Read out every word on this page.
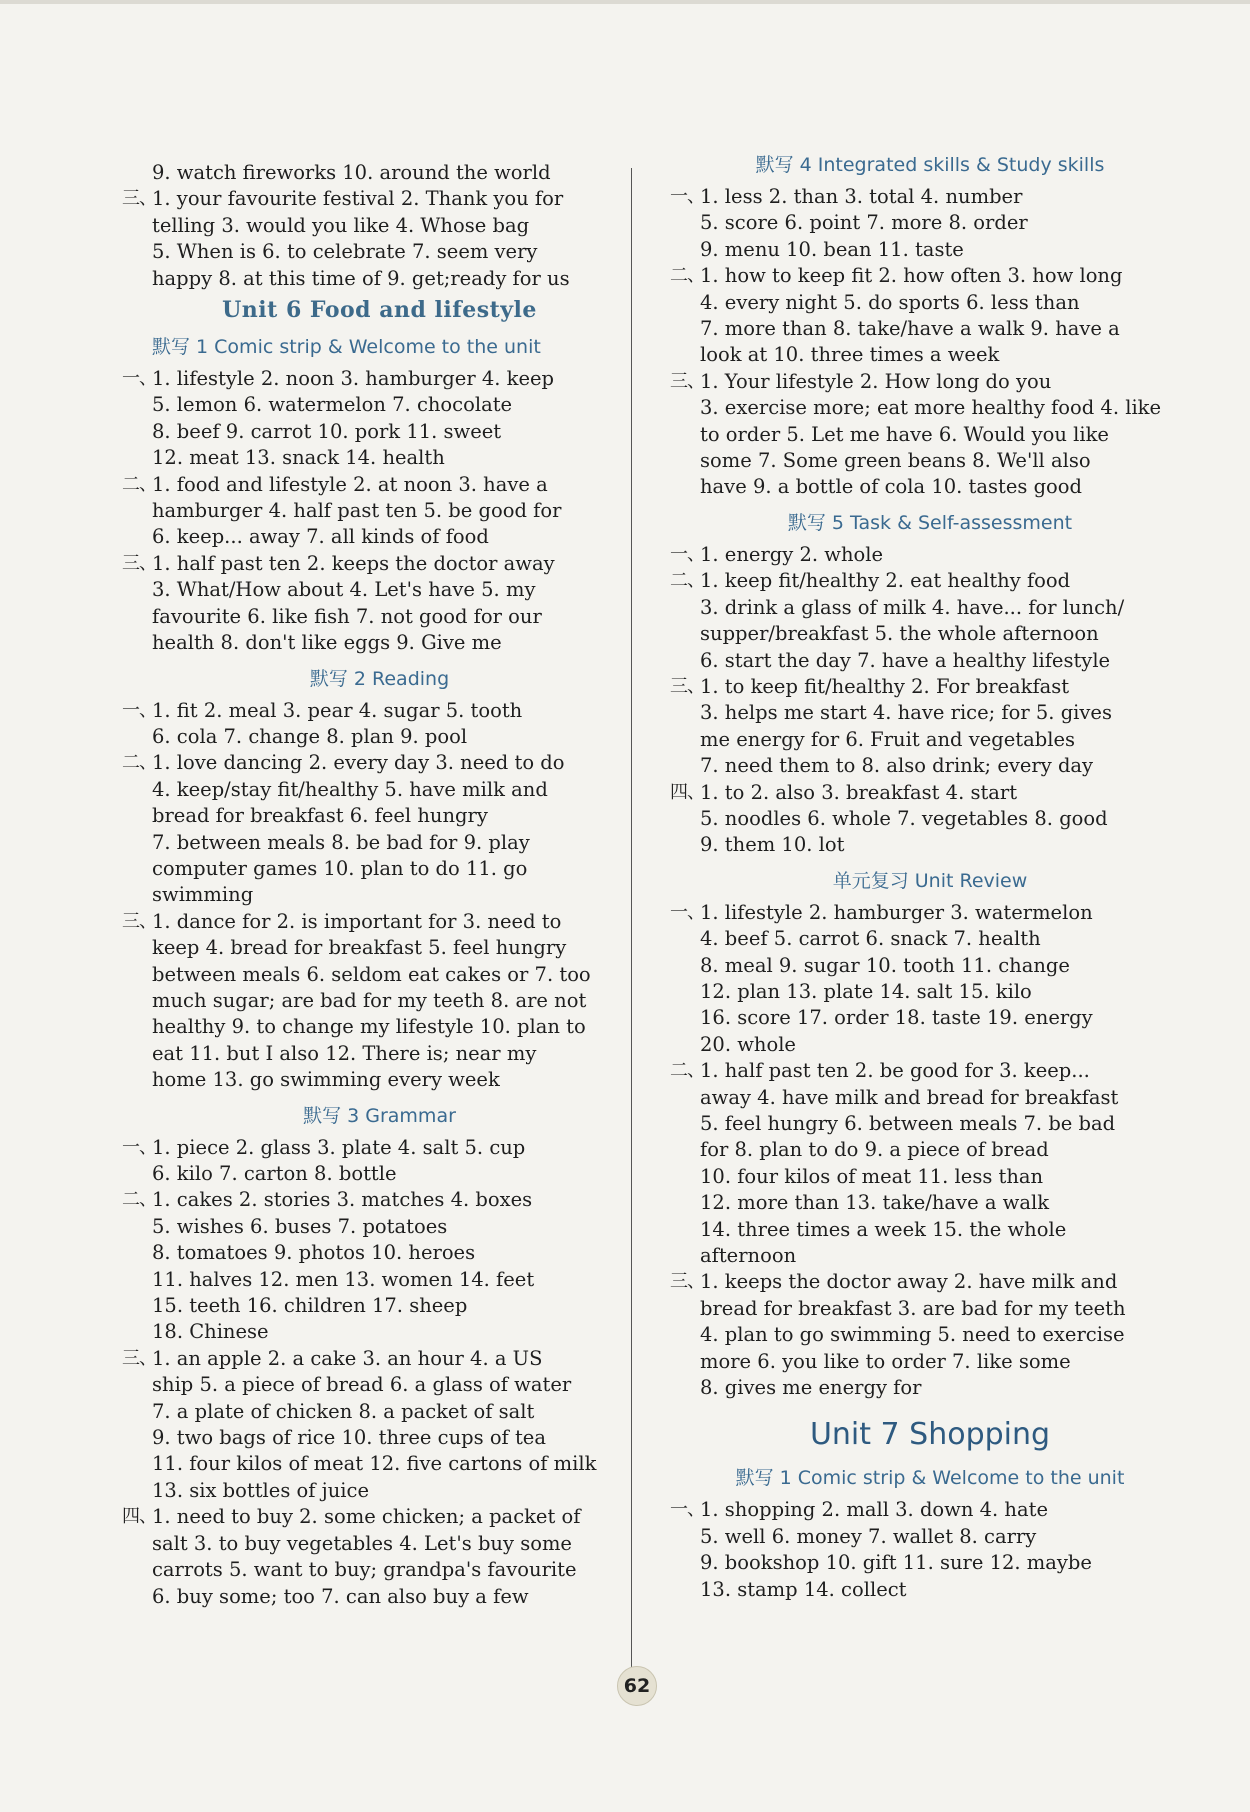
9. watch fireworks 10. around the world
三、
1. your favourite festival 2. Thank you for
telling 3. would you like 4. Whose bag
5. When is 6. to celebrate 7. seem very
happy 8. at this time of 9. get;ready for us
Unit 6 Food and lifestyle
默写 1 Comic strip & Welcome to the unit
一、
1. lifestyle 2. noon 3. hamburger 4. keep
5. lemon 6. watermelon 7. chocolate
8. beef 9. carrot 10. pork 11. sweet
12. meat 13. snack 14. health
二、
1. food and lifestyle 2. at noon 3. have a
hamburger 4. half past ten 5. be good for
6. keep... away 7. all kinds of food
三、
1. half past ten 2. keeps the doctor away
3. What/How about 4. Let's have 5. my
favourite 6. like fish 7. not good for our
health 8. don't like eggs 9. Give me
默写 2 Reading
一、
1. fit 2. meal 3. pear 4. sugar 5. tooth
6. cola 7. change 8. plan 9. pool
二、
1. love dancing 2. every day 3. need to do
4. keep/stay fit/healthy 5. have milk and
bread for breakfast 6. feel hungry
7. between meals 8. be bad for 9. play
computer games 10. plan to do 11. go
swimming
三、
1. dance for 2. is important for 3. need to
keep 4. bread for breakfast 5. feel hungry
between meals 6. seldom eat cakes or 7. too
much sugar; are bad for my teeth 8. are not
healthy 9. to change my lifestyle 10. plan to
eat 11. but I also 12. There is; near my
home 13. go swimming every week
默写 3 Grammar
一、
1. piece 2. glass 3. plate 4. salt 5. cup
6. kilo 7. carton 8. bottle
二、
1. cakes 2. stories 3. matches 4. boxes
5. wishes 6. buses 7. potatoes
8. tomatoes 9. photos 10. heroes
11. halves 12. men 13. women 14. feet
15. teeth 16. children 17. sheep
18. Chinese
三、
1. an apple 2. a cake 3. an hour 4. a US
ship 5. a piece of bread 6. a glass of water
7. a plate of chicken 8. a packet of salt
9. two bags of rice 10. three cups of tea
11. four kilos of meat 12. five cartons of milk
13. six bottles of juice
四、
1. need to buy 2. some chicken; a packet of
salt 3. to buy vegetables 4. Let's buy some
carrots 5. want to buy; grandpa's favourite
6. buy some; too 7. can also buy a few
默写 4 Integrated skills & Study skills
一、
1. less 2. than 3. total 4. number
5. score 6. point 7. more 8. order
9. menu 10. bean 11. taste
二、
1. how to keep fit 2. how often 3. how long
4. every night 5. do sports 6. less than
7. more than 8. take/have a walk 9. have a
look at 10. three times a week
三、
1. Your lifestyle 2. How long do you
3. exercise more; eat more healthy food 4. like
to order 5. Let me have 6. Would you like
some 7. Some green beans 8. We'll also
have 9. a bottle of cola 10. tastes good
默写 5 Task & Self-assessment
一、
1. energy 2. whole
二、
1. keep fit/healthy 2. eat healthy food
3. drink a glass of milk 4. have... for lunch/
supper/breakfast 5. the whole afternoon
6. start the day 7. have a healthy lifestyle
三、
1. to keep fit/healthy 2. For breakfast
3. helps me start 4. have rice; for 5. gives
me energy for 6. Fruit and vegetables
7. need them to 8. also drink; every day
四、
1. to 2. also 3. breakfast 4. start
5. noodles 6. whole 7. vegetables 8. good
9. them 10. lot
单元复习 Unit Review
一、
1. lifestyle 2. hamburger 3. watermelon
4. beef 5. carrot 6. snack 7. health
8. meal 9. sugar 10. tooth 11. change
12. plan 13. plate 14. salt 15. kilo
16. score 17. order 18. taste 19. energy
20. whole
二、
1. half past ten 2. be good for 3. keep...
away 4. have milk and bread for breakfast
5. feel hungry 6. between meals 7. be bad
for 8. plan to do 9. a piece of bread
10. four kilos of meat 11. less than
12. more than 13. take/have a walk
14. three times a week 15. the whole
afternoon
三、
1. keeps the doctor away 2. have milk and
bread for breakfast 3. are bad for my teeth
4. plan to go swimming 5. need to exercise
more 6. you like to order 7. like some
8. gives me energy for
Unit 7 Shopping
默写 1 Comic strip & Welcome to the unit
一、
1. shopping 2. mall 3. down 4. hate
5. well 6. money 7. wallet 8. carry
9. bookshop 10. gift 11. sure 12. maybe
13. stamp 14. collect
62
